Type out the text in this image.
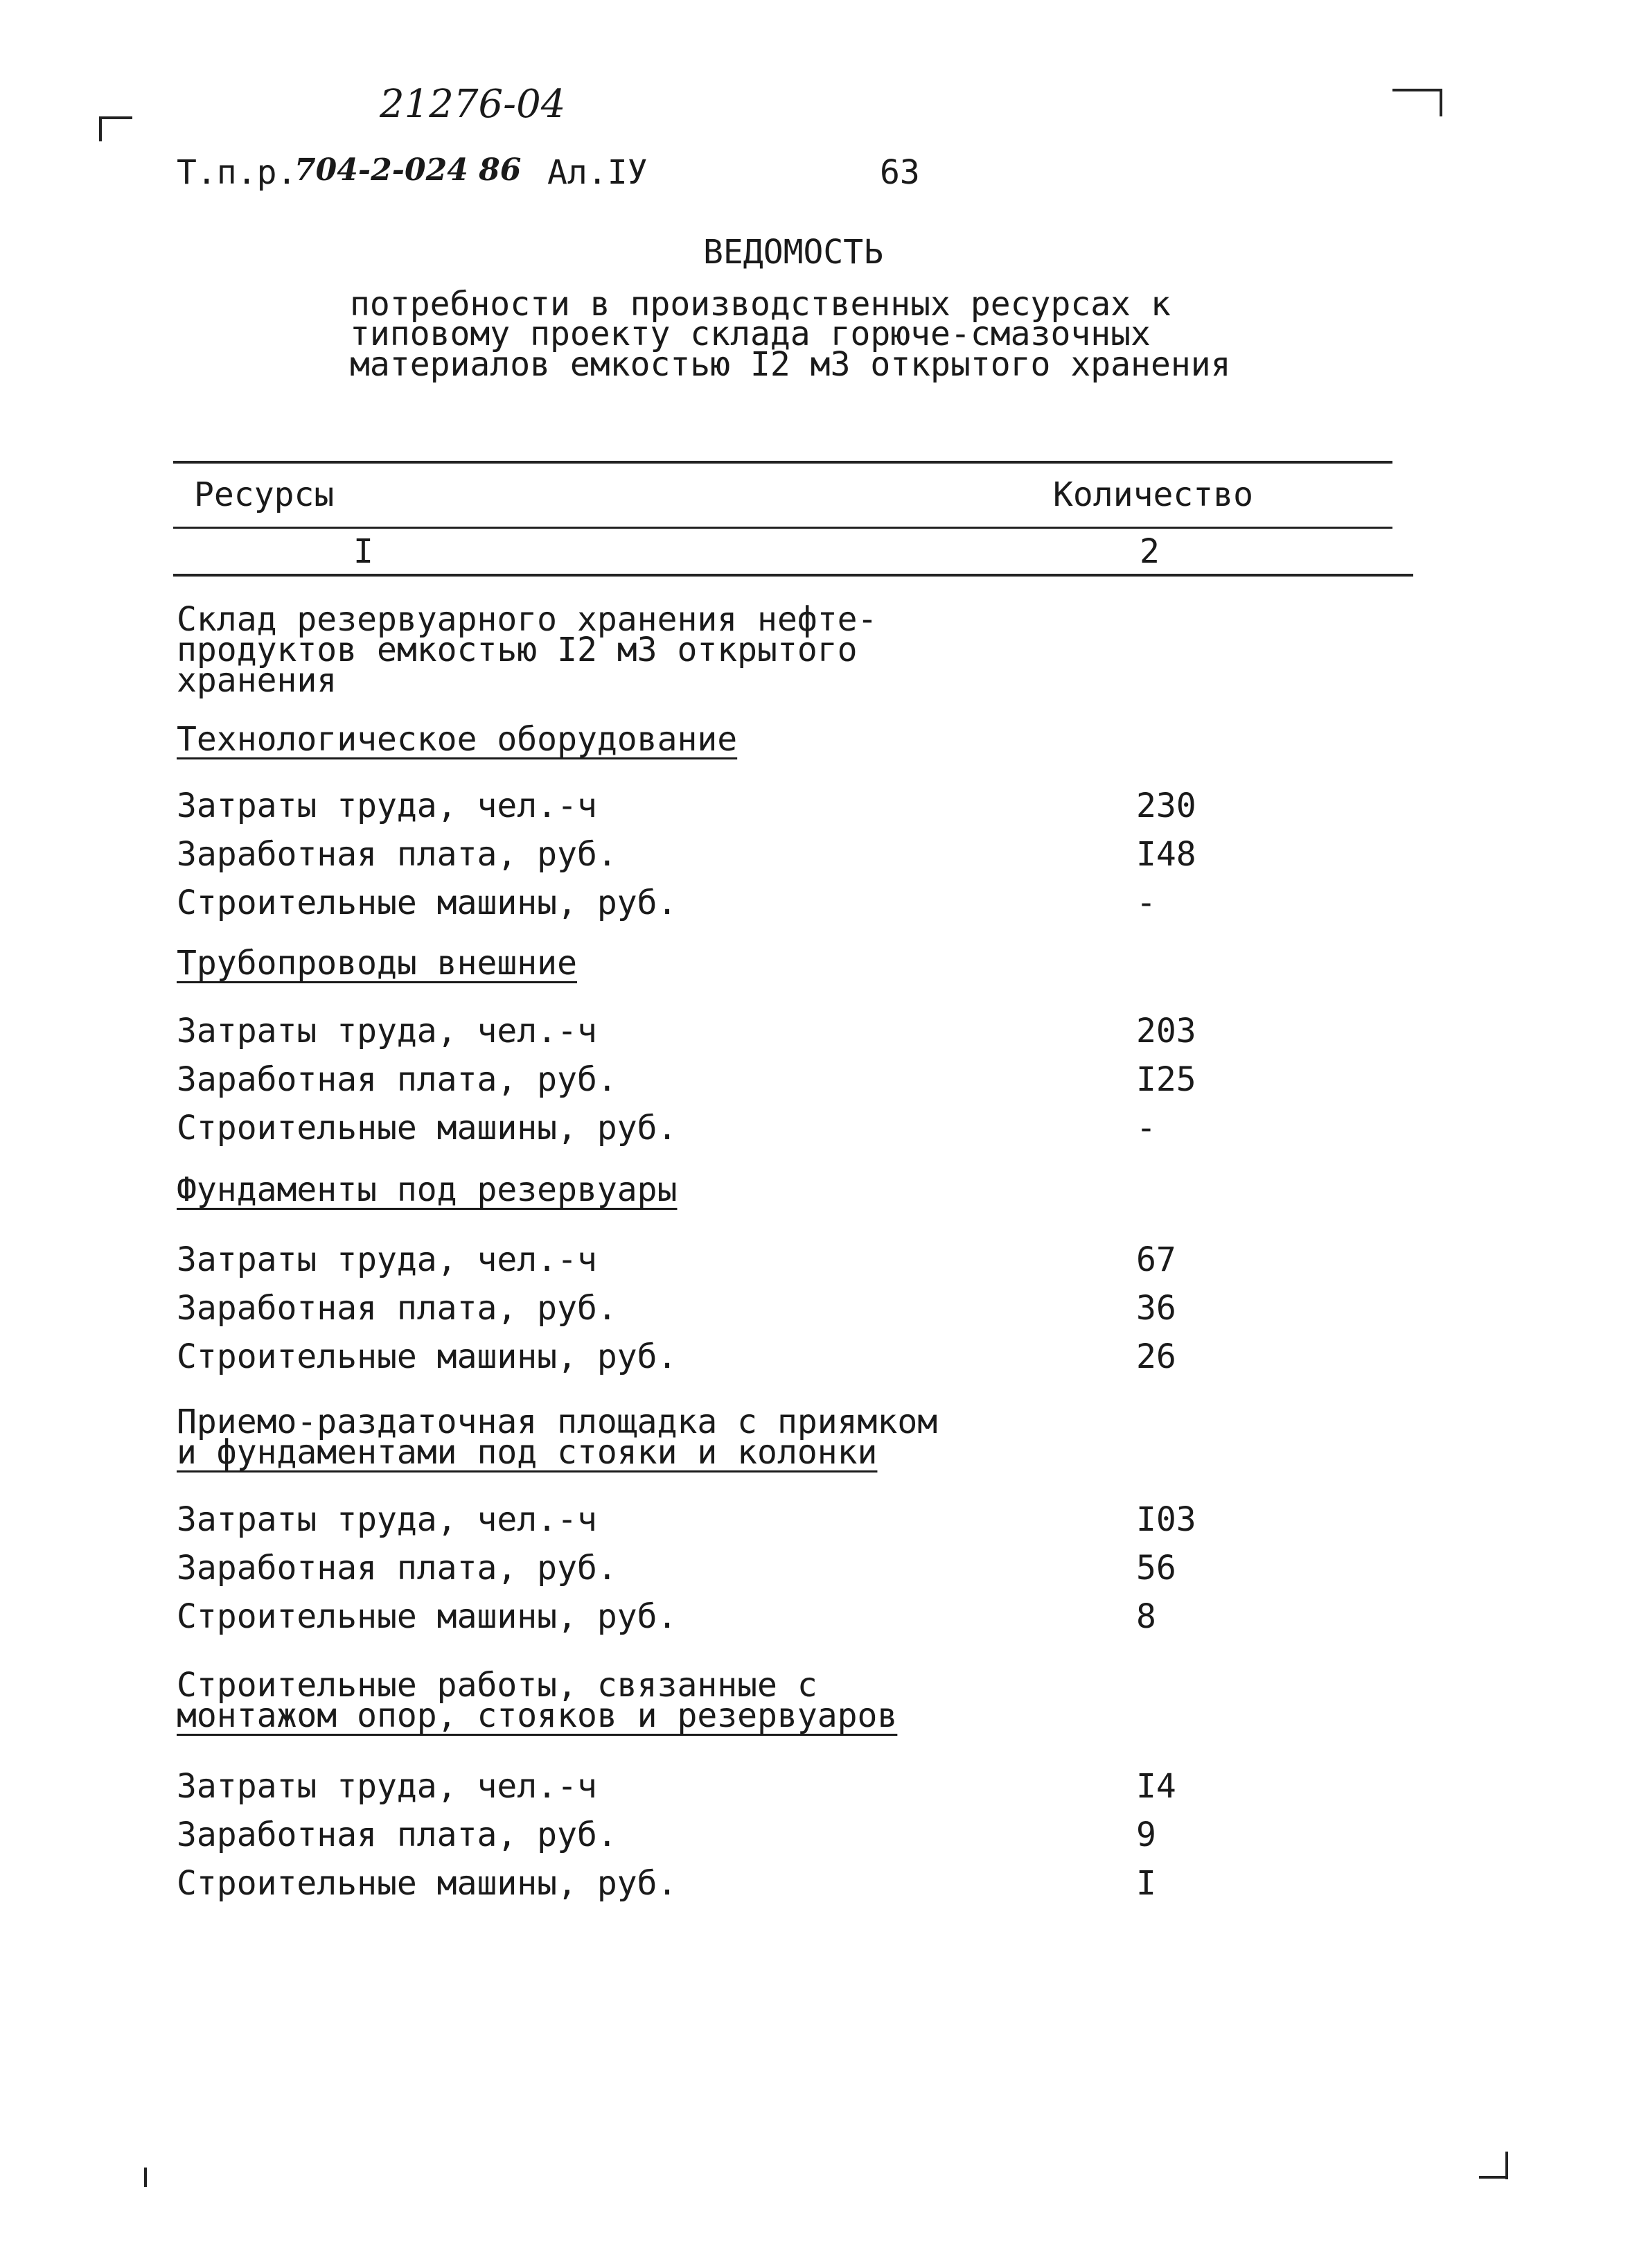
21276-04
Т.п.р.
704-2-024 86 Ал.IУ	63
ВЕДОМОСТЬ
потребности в производственных ресурсах к
типовому проекту склада горюче-смазочных
материалов емкостью I2 м3 открытого хранения
Ресурсы	Количество
I	2
Склад резервуарного хранения нефте-
продуктов емкостью I2 м3 открытого
хранения
Технологическое оборудование
Затраты труда, чел.-ч	230
Заработная плата, руб.	I48
Строительные машины, руб.	-
Трубопроводы внешние
Затраты труда, чел.-ч	203
Заработная плата, руб.	I25
Строительные машины, руб.	-
Фундаменты под резервуары
Затраты труда, чел.-ч	67
Заработная плата, руб.	36
Строительные машины, руб.	26
Приемо-раздаточная площадка с приямком
и фундаментами под стояки и колонки
Затраты труда, чел.-ч	I03
Заработная плата, руб.	56
Строительные машины, руб.	8
Строительные работы, связанные с
монтажом опор, стояков и резервуаров
Затраты труда, чел.-ч	I4
Заработная плата, руб.	9
Строительные машины, руб.	I
